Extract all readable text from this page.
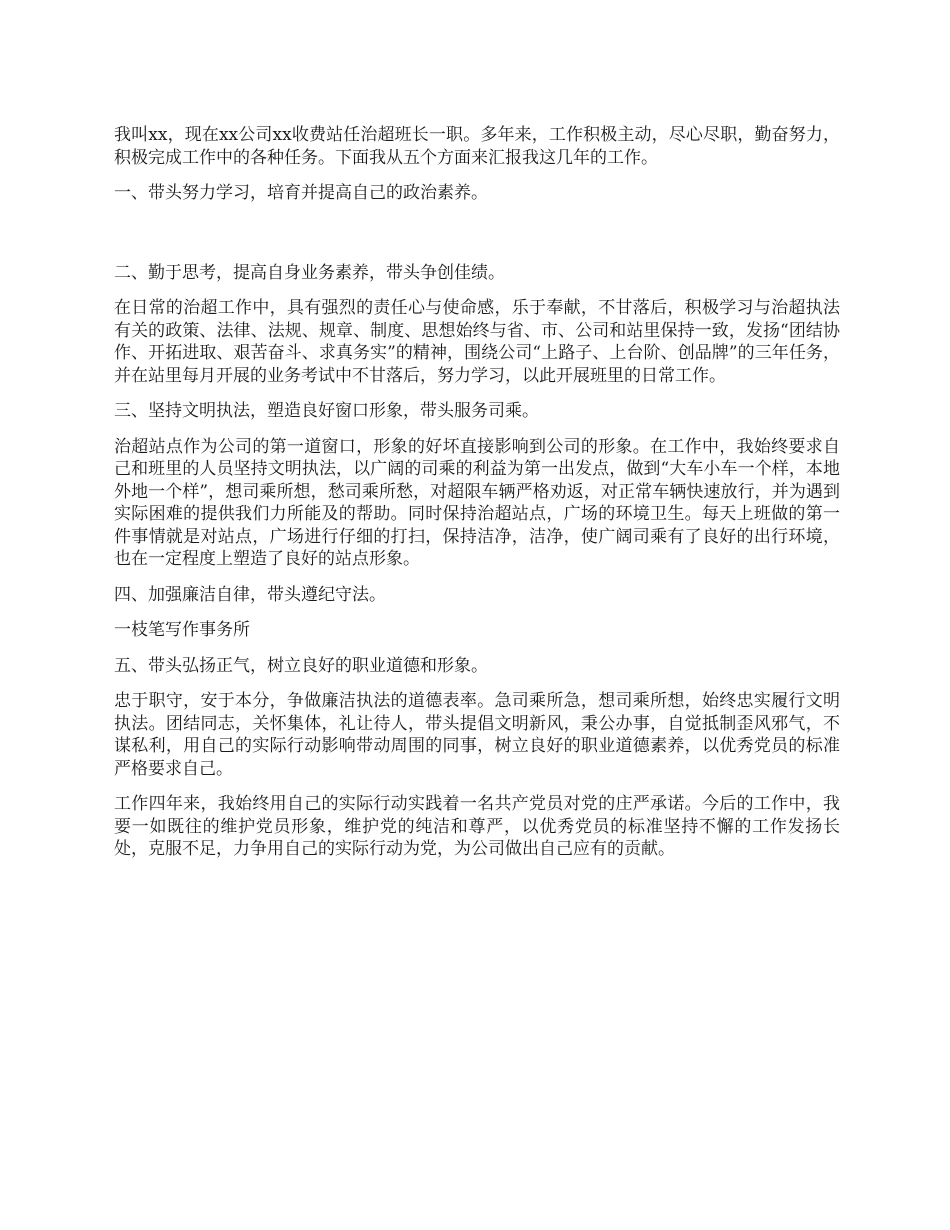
我叫xx，现在xx公司xx收费站任治超班长一职。多年来，工作积极主动，尽心尽职，勤奋努力，积极完成工作中的各种任务。下面我从五个方面来汇报我这几年的工作。

一、带头努力学习，培育并提高自己的政治素养。

二、勤于思考，提高自身业务素养，带头争创佳绩。

在日常的治超工作中，具有强烈的责任心与使命感，乐于奉献，不甘落后，积极学习与治超执法有关的政策、法律、法规、规章、制度、思想始终与省、市、公司和站里保持一致，发扬“团结协作、开拓进取、艰苦奋斗、求真务实”的精神，围绕公司“上路子、上台阶、创品牌”的三年任务，并在站里每月开展的业务考试中不甘落后，努力学习，以此开展班里的日常工作。

三、坚持文明执法，塑造良好窗口形象，带头服务司乘。

治超站点作为公司的第一道窗口，形象的好坏直接影响到公司的形象。在工作中，我始终要求自己和班里的人员坚持文明执法，以广阔的司乘的利益为第一出发点，做到“大车小车一个样，本地外地一个样”，想司乘所想，愁司乘所愁，对超限车辆严格劝返，对正常车辆快速放行，并为遇到实际困难的提供我们力所能及的帮助。同时保持治超站点，广场的环境卫生。每天上班做的第一件事情就是对站点，广场进行仔细的打扫，保持洁净，洁净，使广阔司乘有了良好的出行环境，也在一定程度上塑造了良好的站点形象。

四、加强廉洁自律，带头遵纪守法。

一枝笔写作事务所

五、带头弘扬正气，树立良好的职业道德和形象。

忠于职守，安于本分，争做廉洁执法的道德表率。急司乘所急，想司乘所想，始终忠实履行文明执法。团结同志，关怀集体，礼让待人，带头提倡文明新风，秉公办事，自觉抵制歪风邪气，不谋私利，用自己的实际行动影响带动周围的同事，树立良好的职业道德素养，以优秀党员的标准严格要求自己。

工作四年来，我始终用自己的实际行动实践着一名共产党员对党的庄严承诺。今后的工作中，我要一如既往的维护党员形象，维护党的纯洁和尊严，以优秀党员的标准坚持不懈的工作发扬长处，克服不足，力争用自己的实际行动为党，为公司做出自己应有的贡献。
